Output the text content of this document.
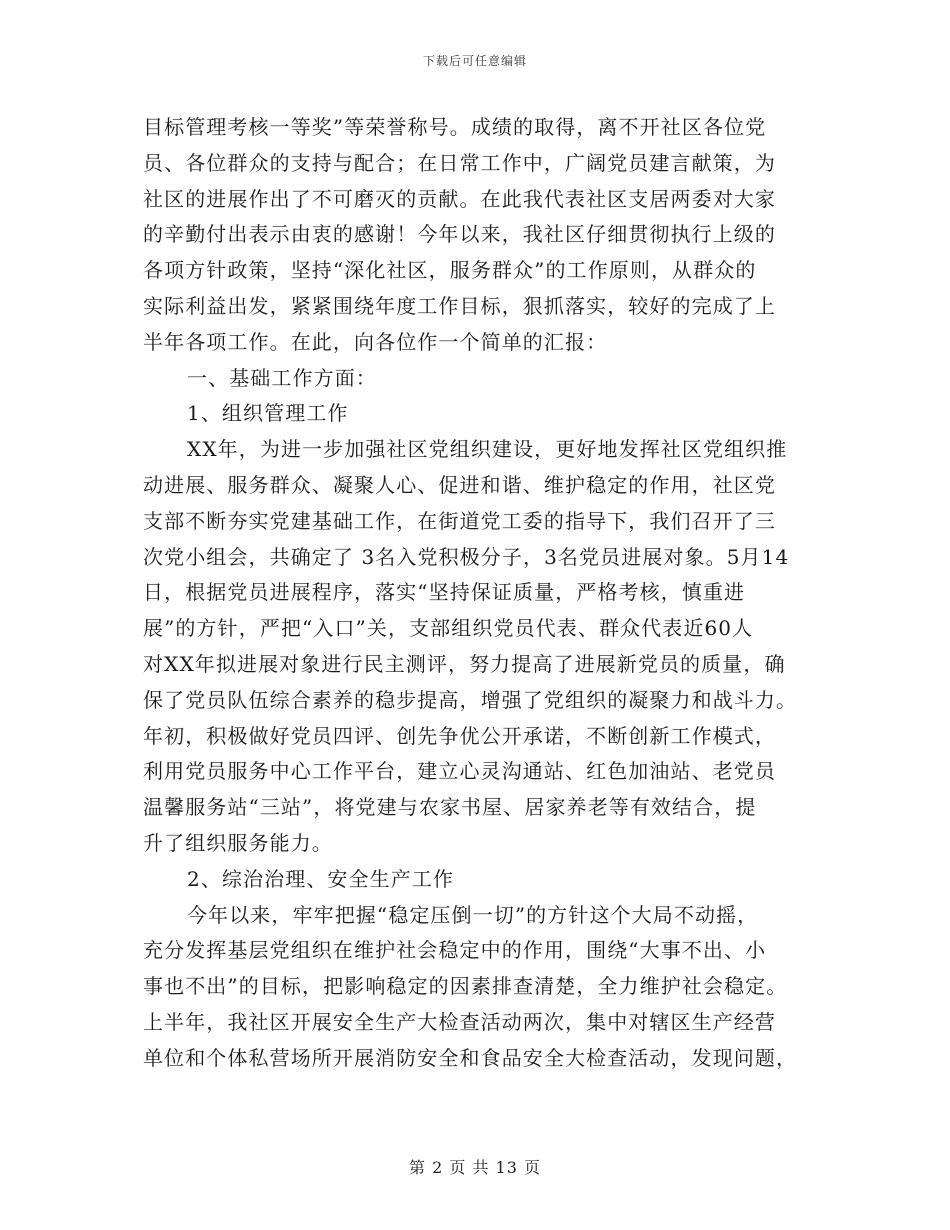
下载后可任意编辑
目标管理考核一等奖”等荣誉称号。成绩的取得，离不开社区各位党
员、各位群众的支持与配合；在日常工作中，广阔党员建言献策，为
社区的进展作出了不可磨灭的贡献。在此我代表社区支居两委对大家
的辛勤付出表示由衷的感谢！今年以来，我社区仔细贯彻执行上级的
各项方针政策，坚持“深化社区，服务群众”的工作原则，从群众的
实际利益出发，紧紧围绕年度工作目标，狠抓落实，较好的完成了上
半年各项工作。在此，向各位作一个简单的汇报：
一、基础工作方面：
1、组织管理工作
XX年，为进一步加强社区党组织建设，更好地发挥社区党组织推
动进展、服务群众、凝聚人心、促进和谐、维护稳定的作用，社区党
支部不断夯实党建基础工作，在街道党工委的指导下，我们召开了三
次党小组会，共确定了 3名入党积极分子，3名党员进展对象。5月14
日，根据党员进展程序，落实“坚持保证质量，严格考核，慎重进
展”的方针，严把“入口”关，支部组织党员代表、群众代表近60人
对XX年拟进展对象进行民主测评，努力提高了进展新党员的质量，确
保了党员队伍综合素养的稳步提高，增强了党组织的凝聚力和战斗力。
年初，积极做好党员四评、创先争优公开承诺，不断创新工作模式，
利用党员服务中心工作平台，建立心灵沟通站、红色加油站、老党员
温馨服务站“三站”，将党建与农家书屋、居家养老等有效结合，提
升了组织服务能力。
2、综治治理、安全生产工作
今年以来，牢牢把握“稳定压倒一切”的方针这个大局不动摇，
充分发挥基层党组织在维护社会稳定中的作用，围绕“大事不出、小
事也不出”的目标，把影响稳定的因素排查清楚，全力维护社会稳定。
上半年，我社区开展安全生产大检查活动两次，集中对辖区生产经营
单位和个体私营场所开展消防安全和食品安全大检查活动，发现问题，
第 2 页 共 13 页
